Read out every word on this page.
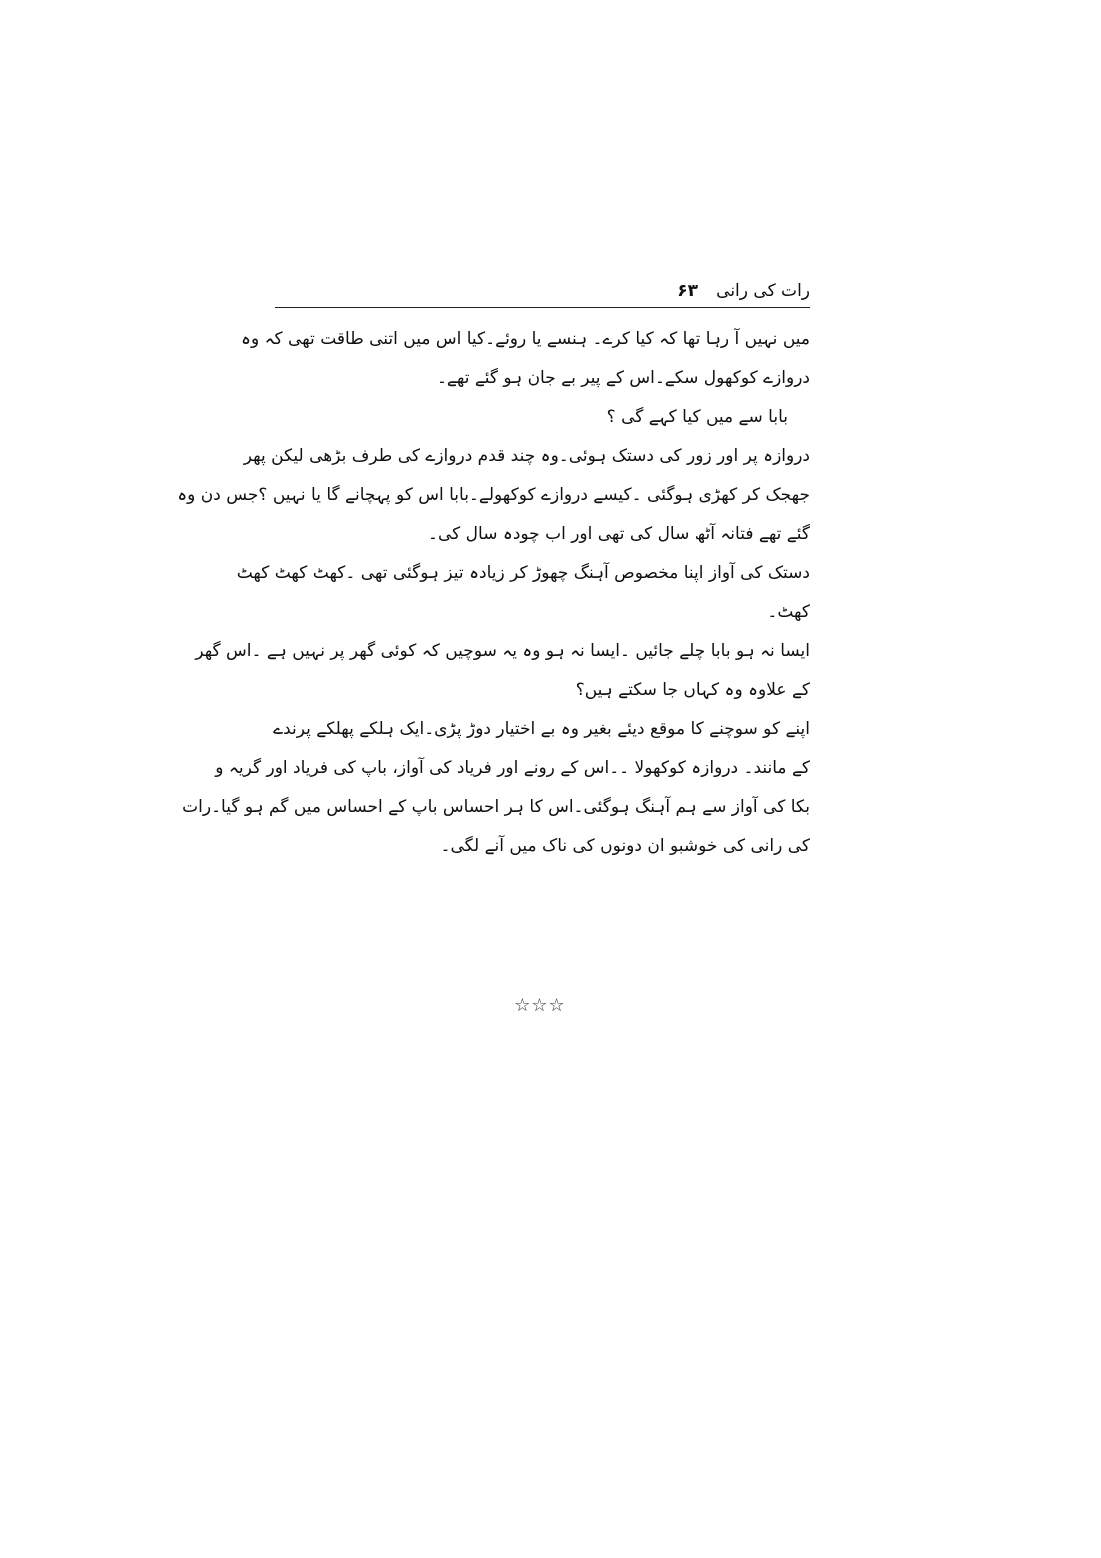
رات کی رانی
۶۳
میں نہیں آ رہا تھا کہ کیا کرے۔ ہنسے یا روئے۔کیا اس میں اتنی طاقت تھی کہ وہ
دروازے کوکھول سکے۔اس کے پیر بے جان ہو گئے تھے۔
بابا سے میں کیا کہے گی ؟
دروازہ پر اور زور کی دستک ہوئی۔وہ چند قدم دروازے کی طرف بڑھی لیکن پھر
جھجک کر کھڑی ہوگئی ۔کیسے دروازے کوکھولے۔بابا اس کو پہچانے گا یا نہیں ؟جس دن وہ
گئے تھے فتانہ آٹھ سال کی تھی اور اب چودہ سال کی۔
دستک کی آواز اپنا مخصوص آہنگ چھوڑ کر زیادہ تیز ہوگئی تھی ۔کھٹ کھٹ کھٹ
کھٹ۔
ایسا نہ ہو بابا چلے جائیں ۔ایسا نہ ہو وہ یہ سوچیں کہ کوئی گھر پر نہیں ہے ۔اس گھر
کے علاوہ وہ کہاں جا سکتے ہیں؟
اپنے کو سوچنے کا موقع دیئے بغیر وہ بے اختیار دوڑ پڑی۔ایک ہلکے پھلکے پرندے
کے مانند۔ دروازہ کوکھولا ۔۔اس کے رونے اور فریاد کی آواز، باپ کی فریاد اور گریہ و
بکا کی آواز سے ہم آہنگ ہوگئی۔اس کا ہر احساس باپ کے احساس میں گم ہو گیا۔رات
کی رانی کی خوشبو ان دونوں کی ناک میں آنے لگی۔
☆☆☆
